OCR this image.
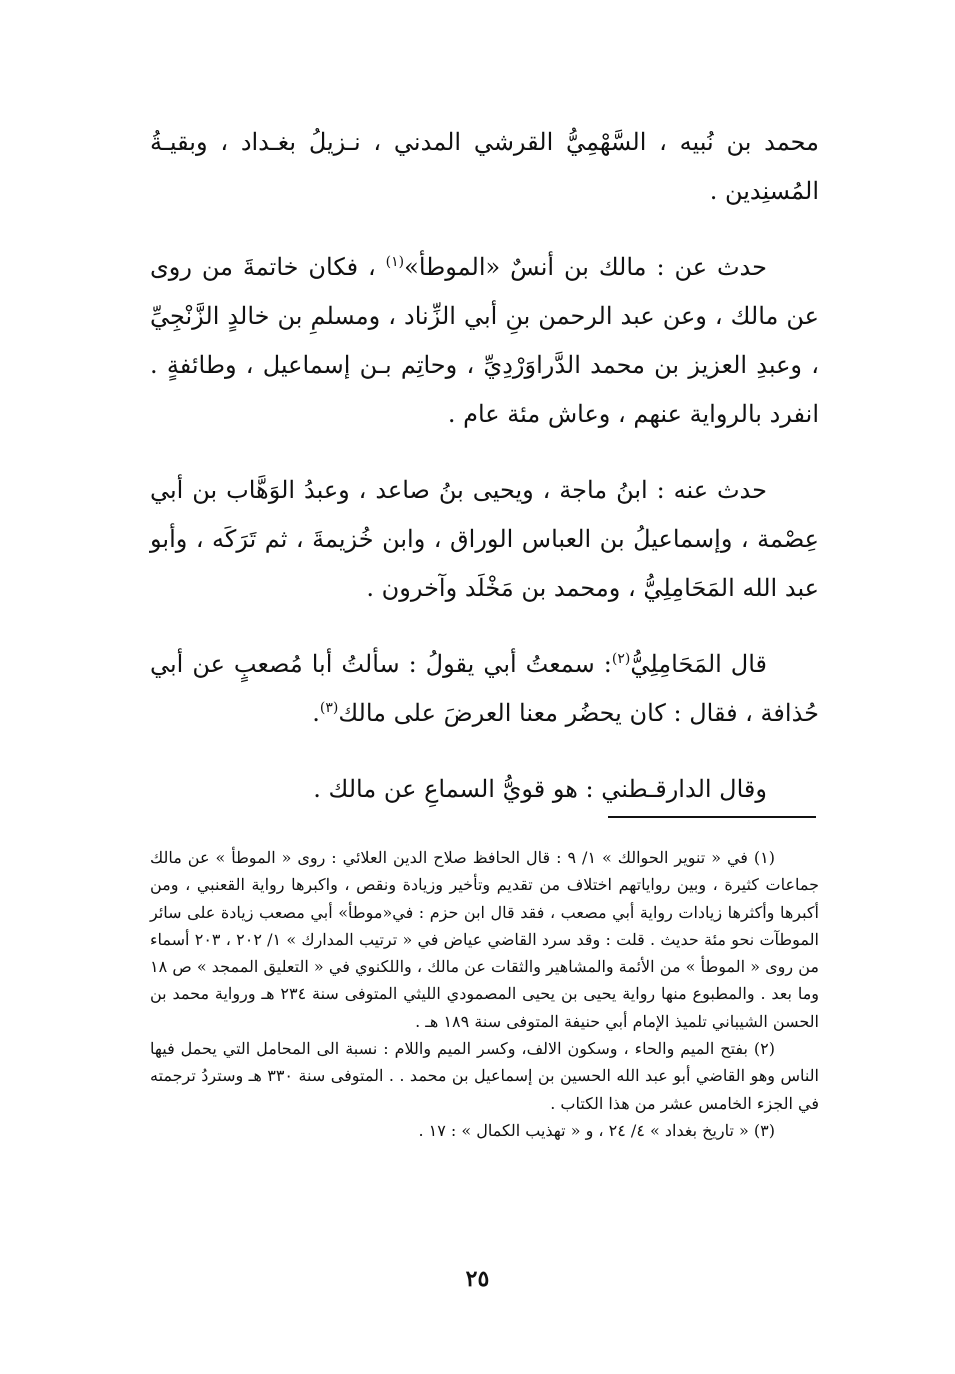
محمد بن نُبيه ، السَّهْمِيُّ القرشي المدني ، نـزيلُ بغـداد ، وبقيـةُ المُسنِدين .

حدث عن : مالك بن أنسٌ «الموطأ»$^{(١)}$ ، فكان خاتمةَ من روى عن مالك ، وعن عبد الرحمن بنِ أبي الزِّناد ، ومسلمِ بن خالدٍ الزَّنْجِيِّ ، وعبدِ العزيز بن محمد الدَّراوَرْدِيِّ ، وحاتِم بـن إسماعيل ، وطائفةٍ . انفرد بالرواية عنهم ، وعاش مئة عام .

حدث عنه : ابنُ ماجة ، ويحيى بنُ صاعد ، وعبدُ الوَهَّاب بن أبي عِصْمة ، وإسماعيلُ بن العباس الوراق ، وابن خُزيمةَ ، ثم تَرَكَه ، وأبو عبد الله المَحَامِلِيُّ ، ومحمد بن مَخْلَد وآخرون .

قال المَحَامِلِيُّ$^{(٢)}$: سمعتُ أبي يقولُ : سألتُ أبا مُصعبٍ عن أبي حُذافة ، فقال : كان يحضُر معنا العرضَ على مالك$^{(٣)}$.

وقال الدارقـطني : هو قويُّ السماعِ عن مالك .

(١) في « تنوير الحوالك » ١/ ٩ : قال الحافظ صلاح الدين العلائي : روى « الموطأ » عن مالك جماعات كثيرة ، وبين رواياتهم اختلاف من تقديم وتأخير وزيادة ونقص ، واكبرها رواية القعنبي ، ومن أكبرها وأكثرها زيادات رواية أبي مصعب ، فقد قال ابن حزم : في«موطأ» أبي مصعب زيادة على سائر الموطآت نحو مئة حديث . قلت : وقد سرد القاضي عياض في « ترتيب المدارك » ١/ ٢٠٢ ، ٢٠٣ أسماء من روى « الموطأ » من الأئمة والمشاهير والثقات عن مالك ، واللكنوي في « التعليق الممجد » ص ١٨ وما بعد . والمطبوع منها رواية يحيى بن يحيى المصمودي الليثي المتوفى سنة ٢٣٤ هـ ورواية محمد بن الحسن الشيباني تلميذ الإمام أبي حنيفة المتوفى سنة ١٨٩ هـ .

(٢) بفتح الميم والحاء ، وسكون الالف، وكسر الميم واللام : نسبة الى المحامل التي يحمل فيها الناس وهو القاضي أبو عبد الله الحسين بن إسماعيل بن محمد . . المتوفى سنة ٣٣٠ هـ وستردُ ترجمته في الجزء الخامس عشر من هذا الكتاب .

(٣) « تاريخ بغداد » ٤/ ٢٤ ، و « تهذيب الكمال » : ١٧ .

٢٥
